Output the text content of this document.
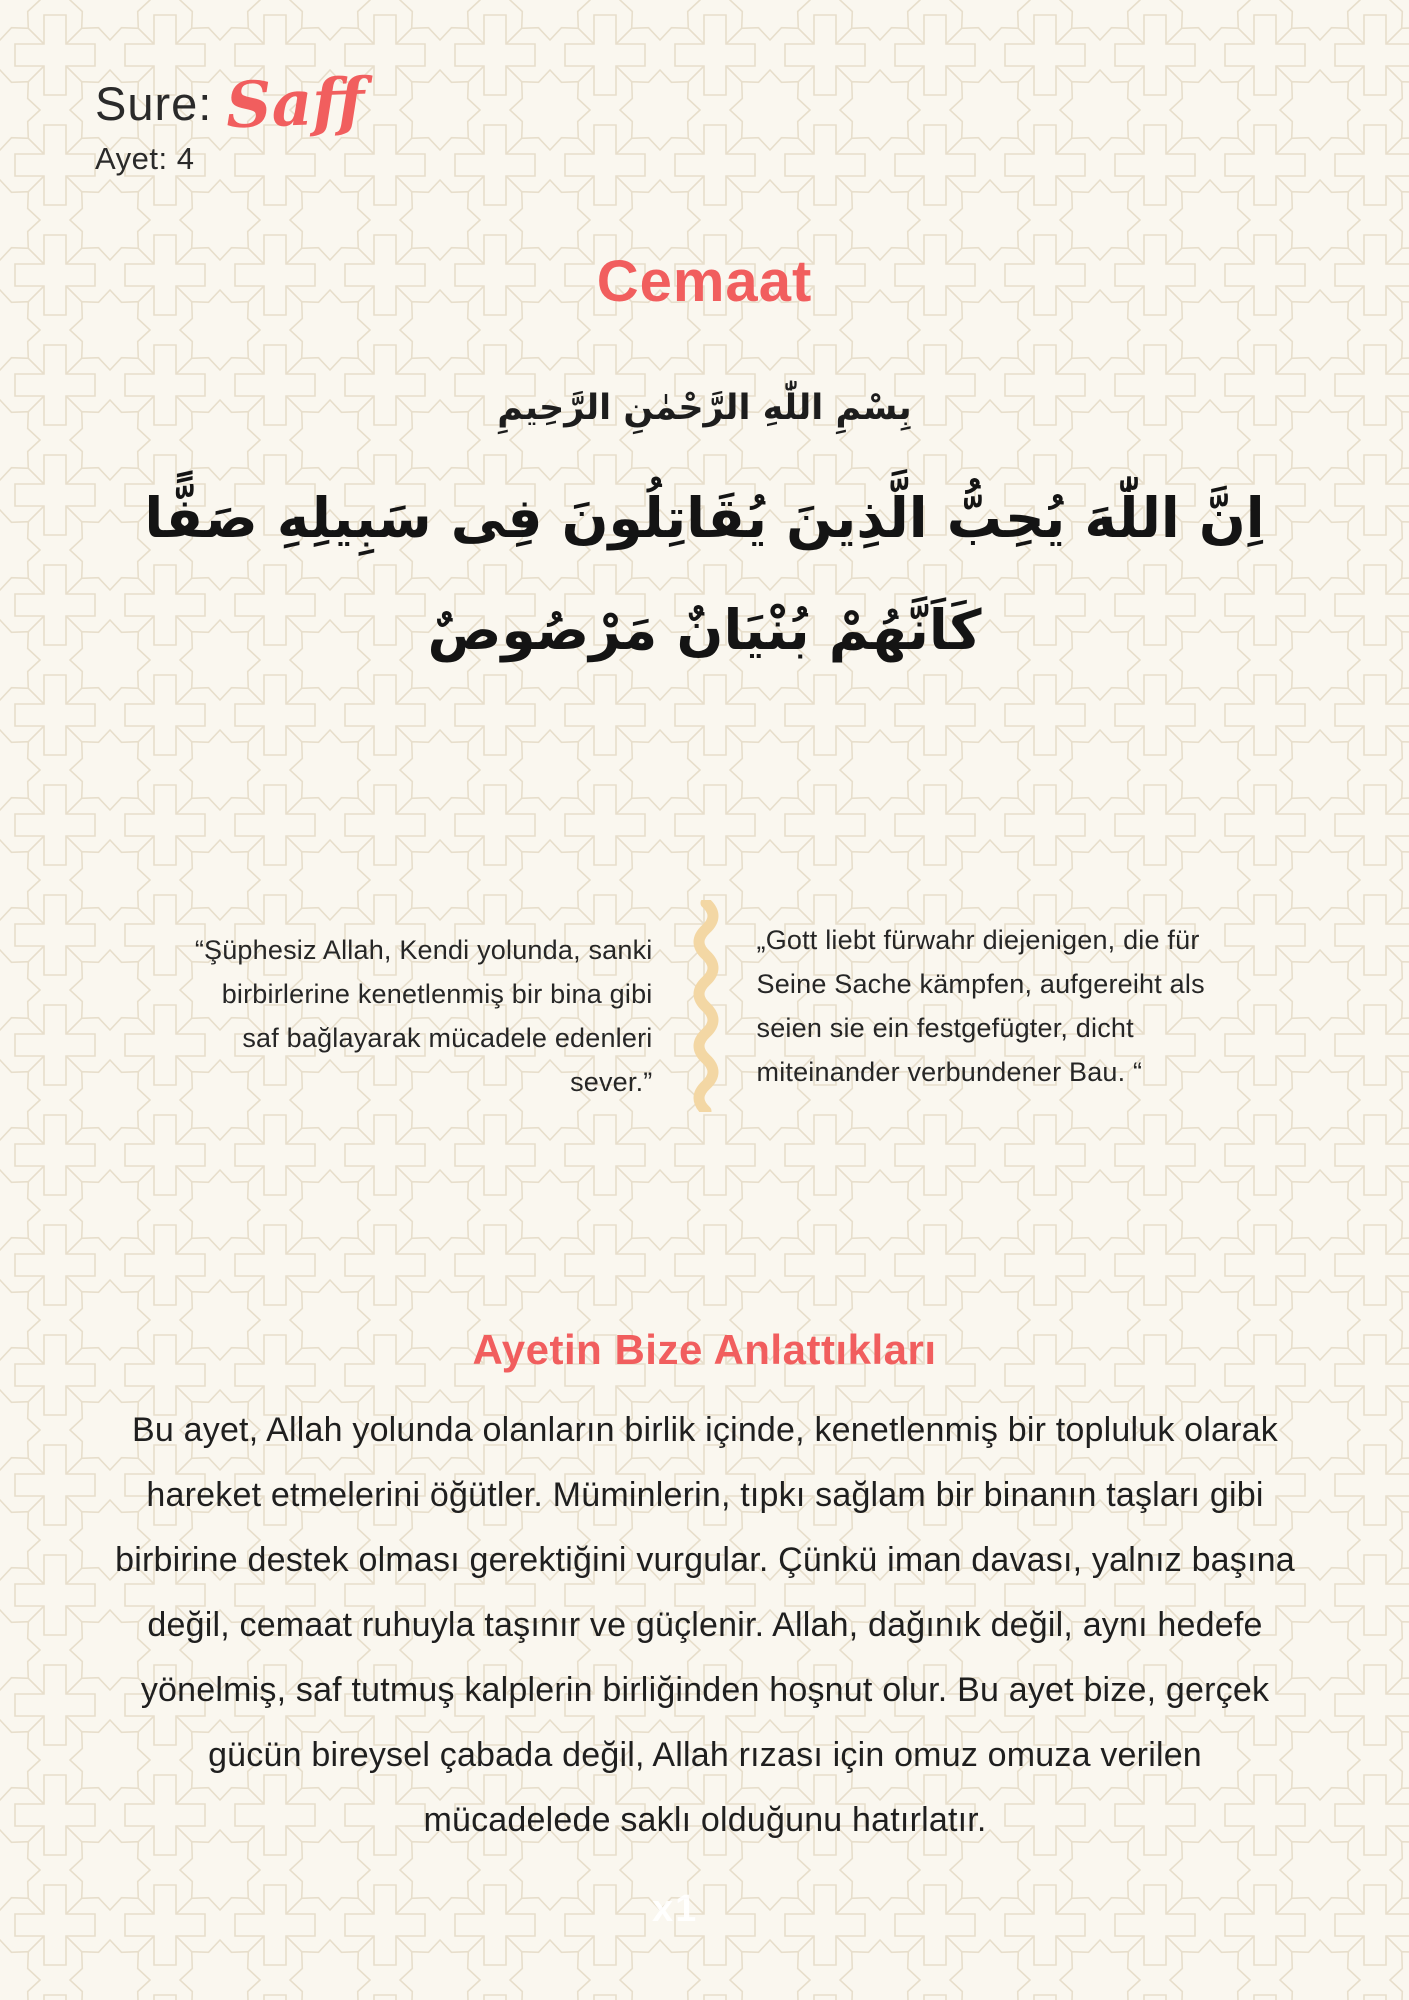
Sure: Saff
Ayet: 4
Cemaat
بِسْمِ اللّٰهِ الرَّحْمٰنِ الرَّحِيمِ
اِنَّ اللّٰهَ يُحِبُّ الَّذِينَ يُقَاتِلُونَ فِى سَبِيلِهِ صَفًّا
كَاَنَّهُمْ بُنْيَانٌ مَرْصُوصٌ
“Şüphesiz Allah, Kendi yolunda, sanki birbirlerine kenetlenmiş bir bina gibi saf bağlayarak mücadele edenleri sever.”
„Gott liebt fürwahr diejenigen, die für Seine Sache kämpfen, aufgereiht als seien sie ein festgefügter, dicht miteinander verbundener Bau. “
Ayetin Bize Anlattıkları
Bu ayet, Allah yolunda olanların birlik içinde, kenetlenmiş bir topluluk olarak hareket etmelerini öğütler. Müminlerin, tıpkı sağlam bir binanın taşları gibi birbirine destek olması gerektiğini vurgular. Çünkü iman davası, yalnız başına değil, cemaat ruhuyla taşınır ve güçlenir. Allah, dağınık değil, aynı hedefe yönelmiş, saf tutmuş kalplerin birliğinden hoşnut olur. Bu ayet bize, gerçek gücün bireysel çabada değil, Allah rızası için omuz omuza verilen mücadelede saklı olduğunu hatırlatır.
x1
